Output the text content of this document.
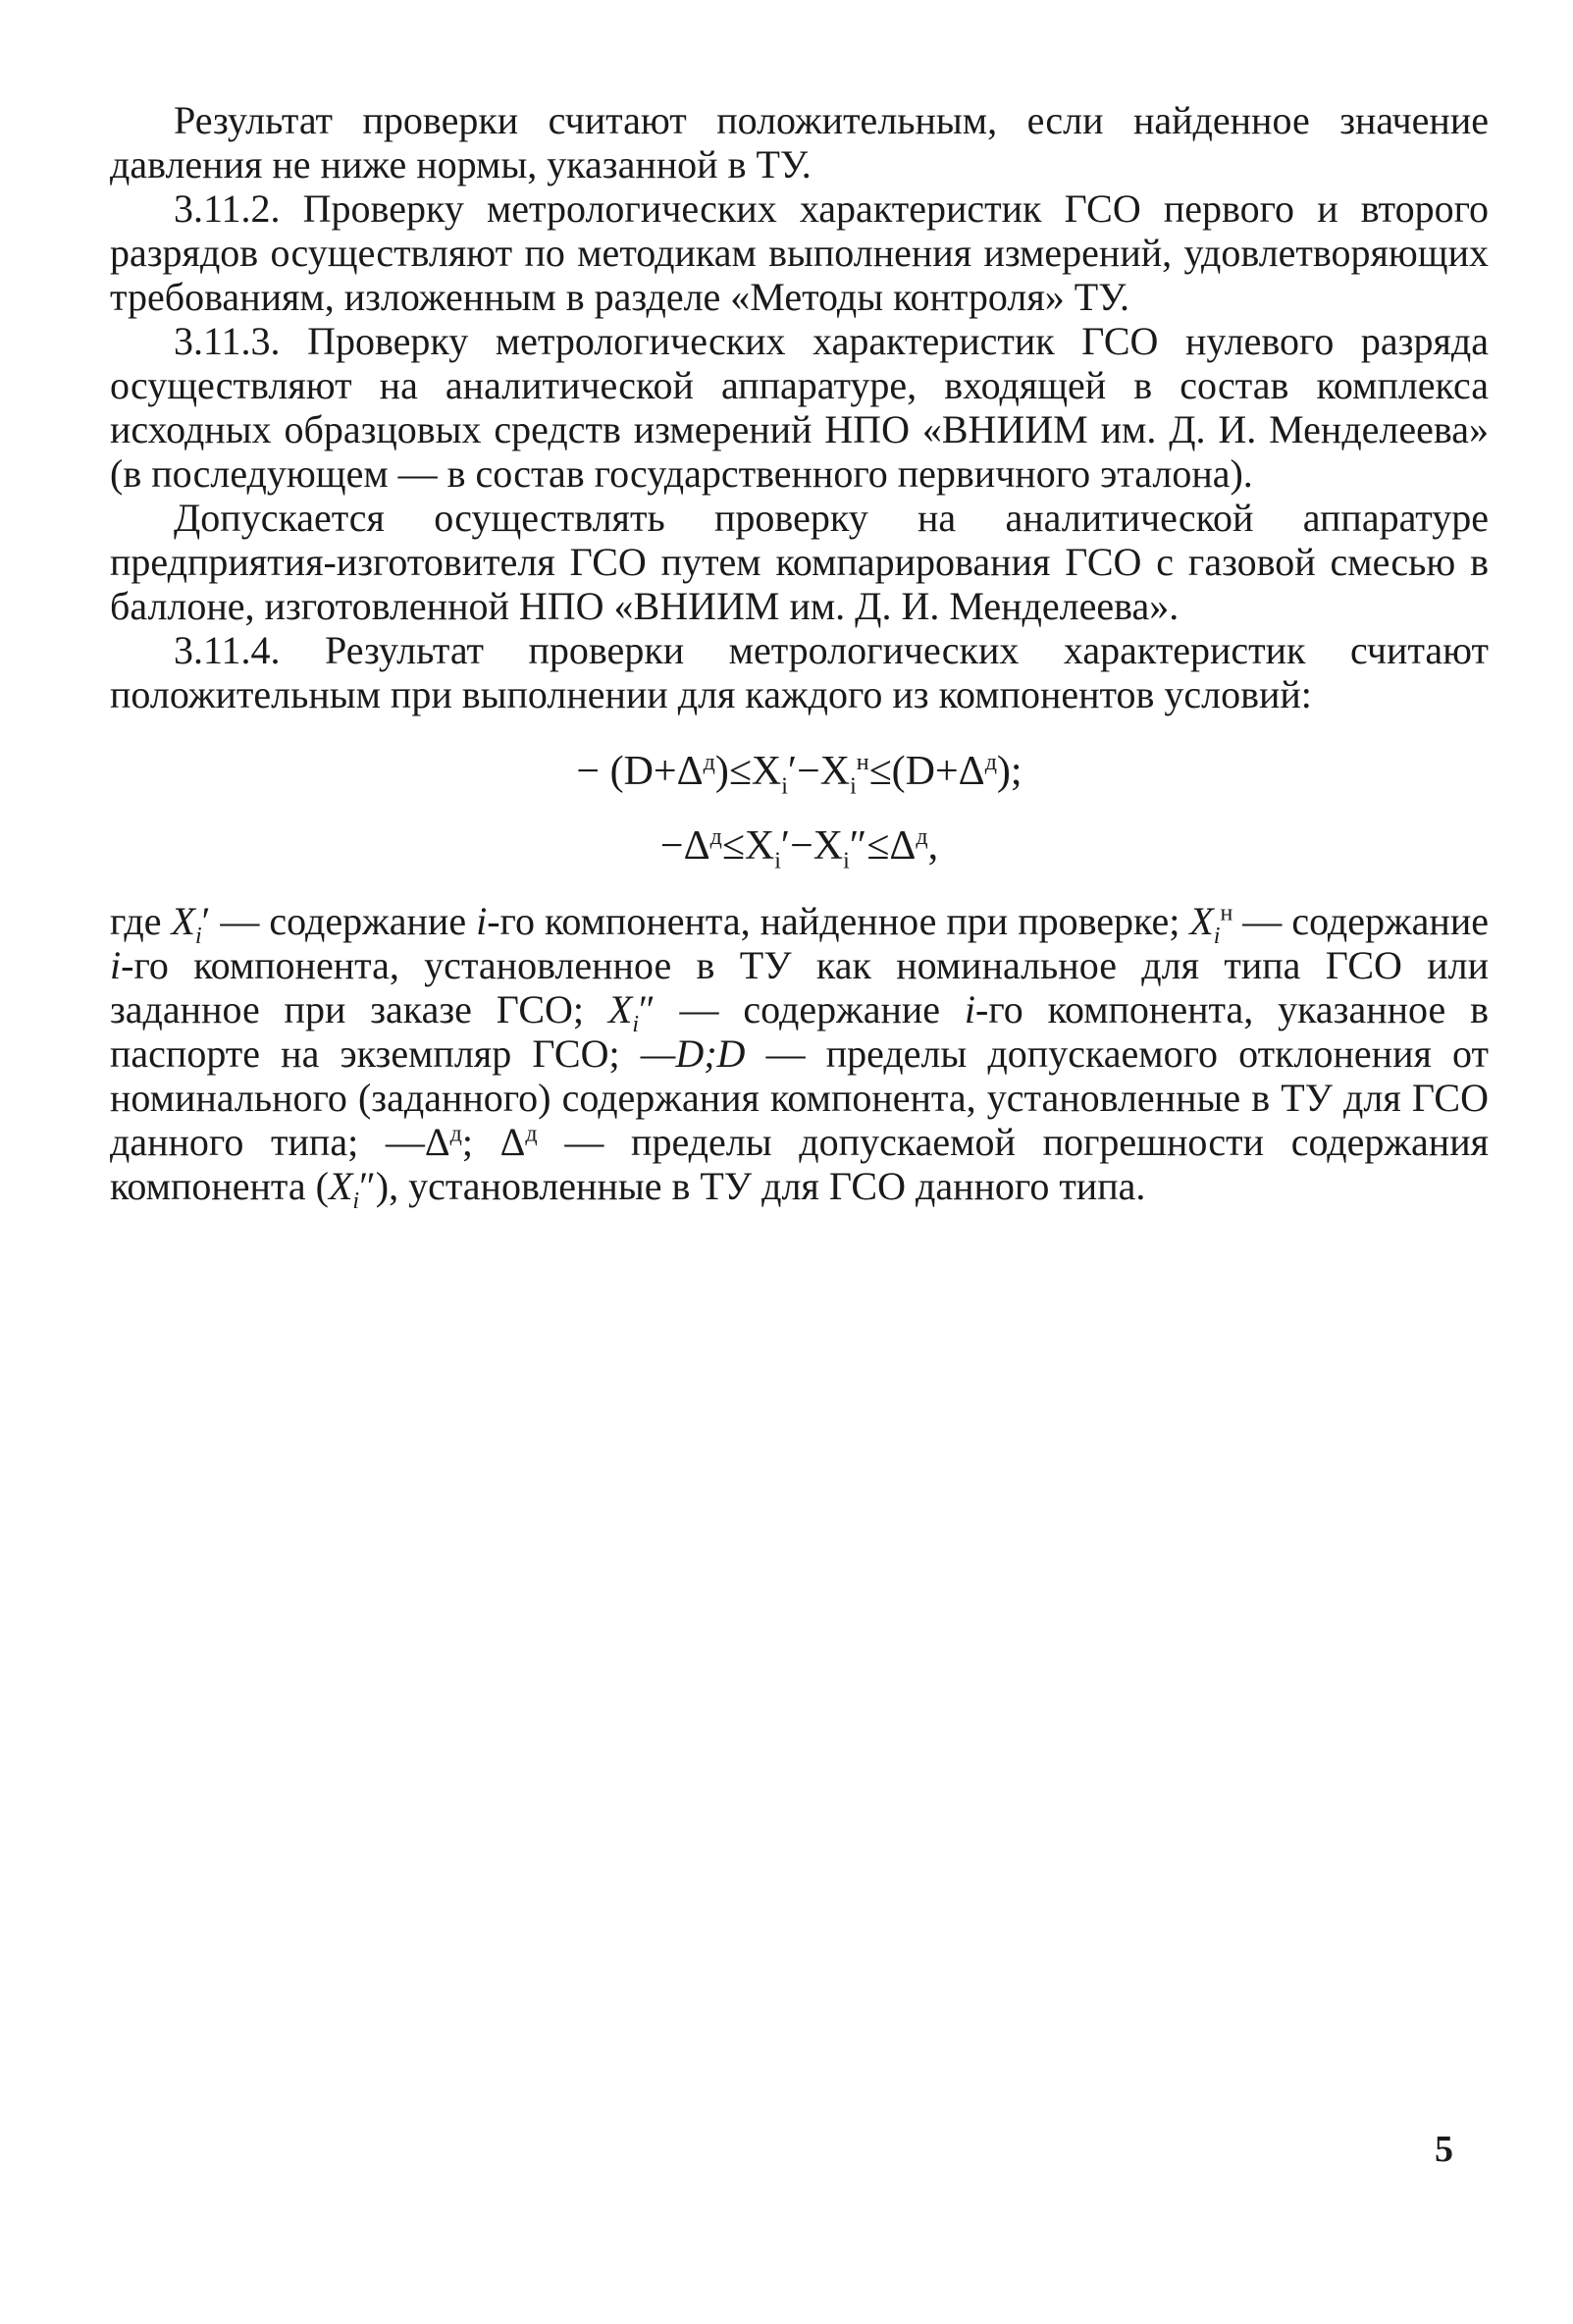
Результат проверки считают положительным, если найденное значение давления не ниже нормы, указанной в ТУ.

3.11.2. Проверку метрологических характеристик ГСО первого и второго разрядов осуществляют по методикам выполнения измерений, удовлетворяющих требованиям, изложенным в разделе «Методы контроля» ТУ.

3.11.3. Проверку метрологических характеристик ГСО нулевого разряда осуществляют на аналитической аппаратуре, входящей в состав комплекса исходных образцовых средств измерений НПО «ВНИИМ им. Д. И. Менделеева» (в последующем — в состав государственного первичного эталона).

Допускается осуществлять проверку на аналитической аппаратуре предприятия-изготовителя ГСО путем компарирования ГСО с газовой смесью в баллоне, изготовленной НПО «ВНИИМ им. Д. И. Менделеева».

3.11.4. Результат проверки метрологических характеристик считают положительным при выполнении для каждого из компонентов условий:

− $(D+\Delta^д)\le X_i'-X_i^н\le(D+\Delta^д)$;
$-\Delta^д\le X_i'-X_i''\le\Delta^д$,

где $X_i'$ — содержание i-го компонента, найденное при проверке; $X_i^н$ — содержание i-го компонента, установленное в ТУ как номинальное для типа ГСО или заданное при заказе ГСО; $X_i''$ — содержание i-го компонента, указанное в паспорте на экземпляр ГСО; —D;D — пределы допускаемого отклонения от номинального (заданного) содержания компонента, установленные в ТУ для ГСО данного типа; $—\Delta^д$; $\Delta^д$ — пределы допускаемой погрешности содержания компонента $(X_i'')$, установленные в ТУ для ГСО данного типа.

5
